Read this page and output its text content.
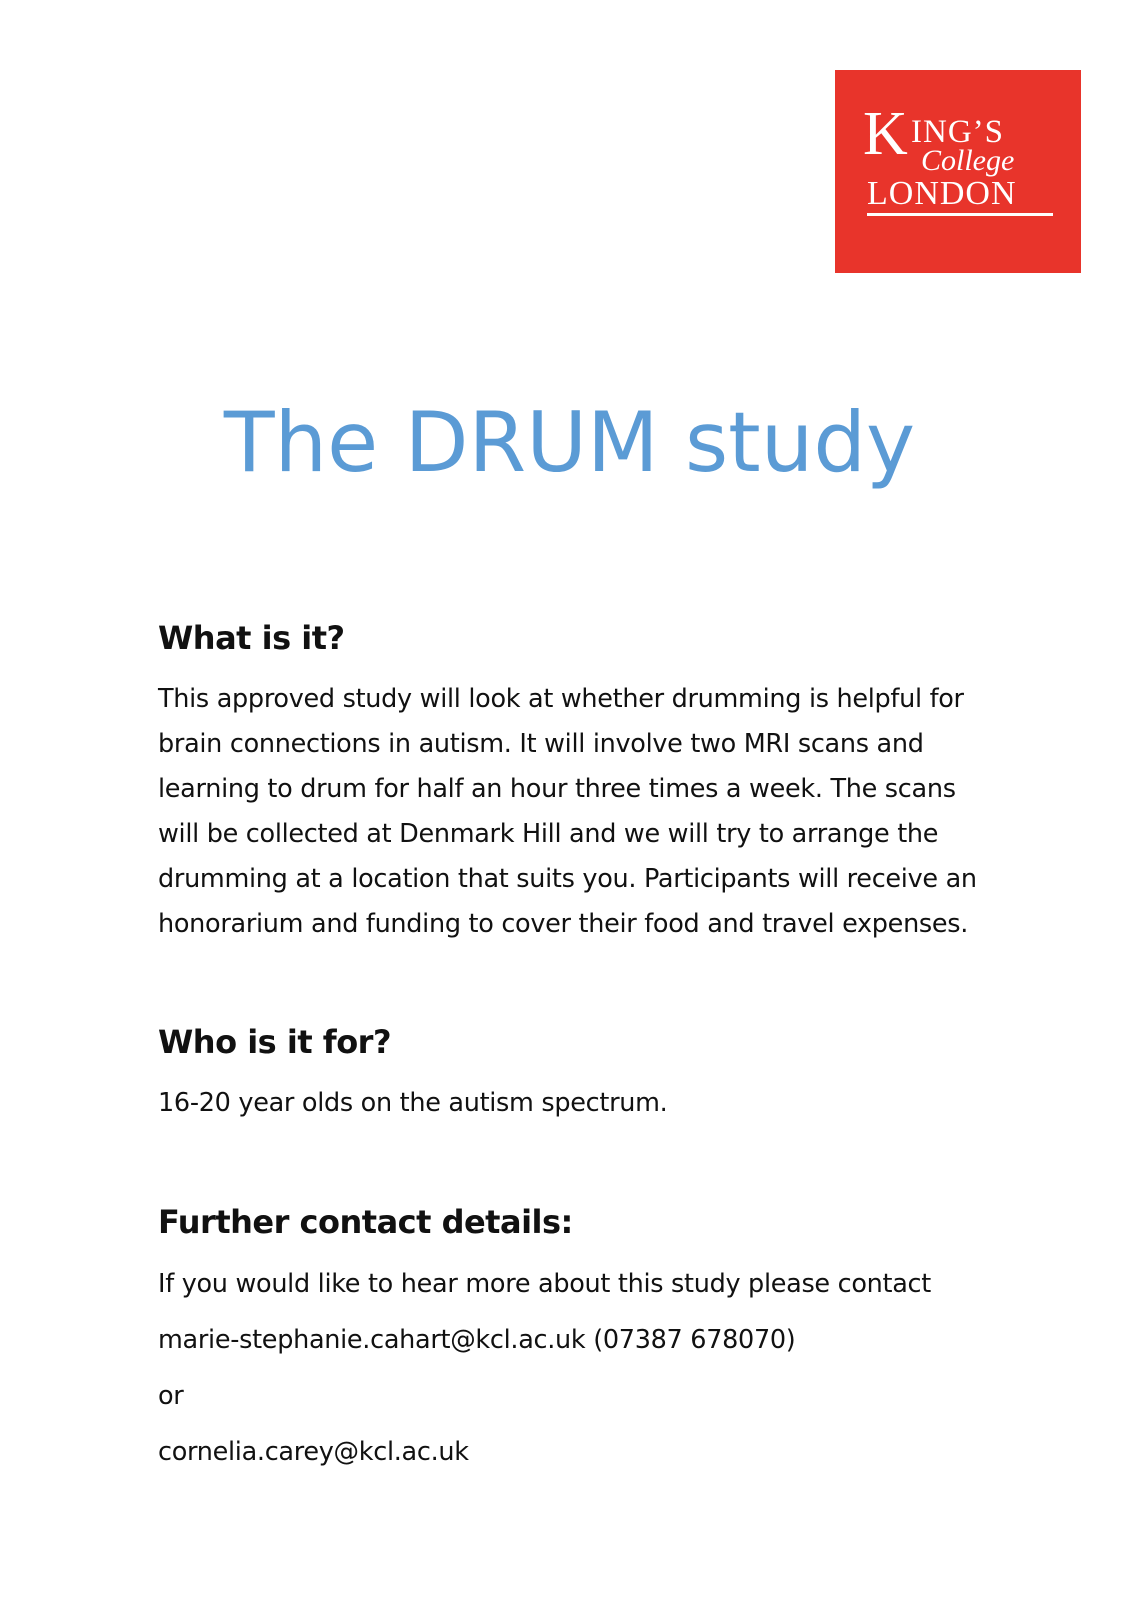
K ING’S
College
LONDON
The DRUM study
What is it?
This approved study will look at whether drumming is helpful for
brain connections in autism. It will involve two MRI scans and
learning to drum for half an hour three times a week. The scans
will be collected at Denmark Hill and we will try to arrange the
drumming at a location that suits you. Participants will receive an
honorarium and funding to cover their food and travel expenses.
Who is it for?
16-20 year olds on the autism spectrum.
Further contact details:
If you would like to hear more about this study please contact
marie-stephanie.cahart@kcl.ac.uk (07387 678070)
or
cornelia.carey@kcl.ac.uk
